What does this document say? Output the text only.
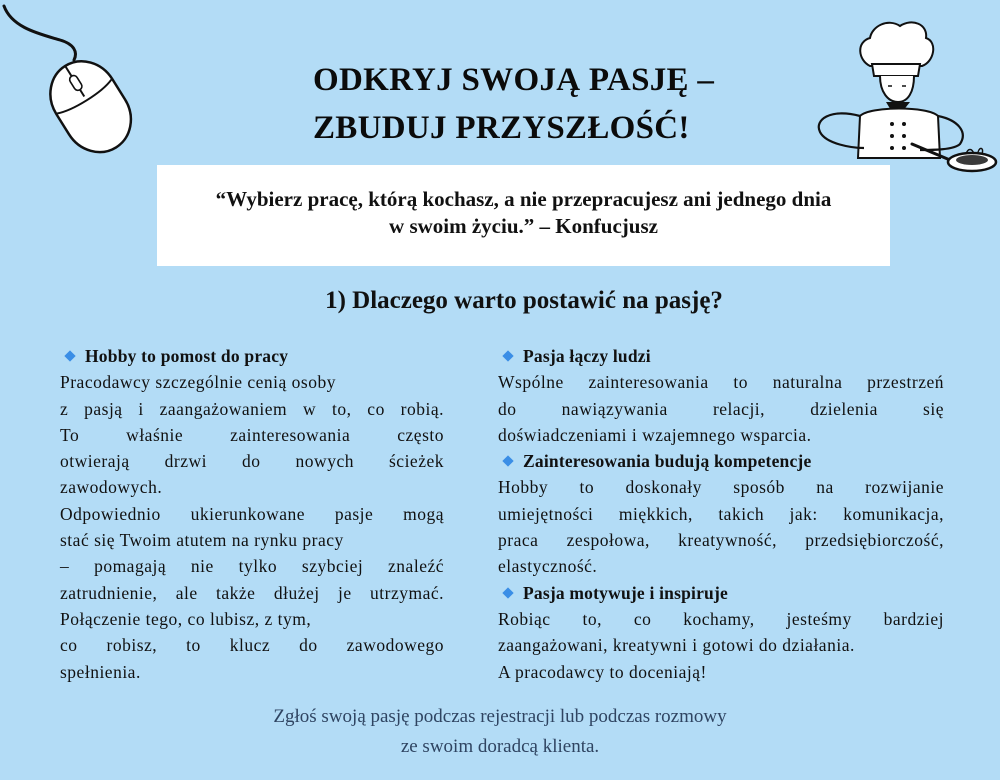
ODKRYJ SWOJĄ PASJĘ –
ZBUDUJ PRZYSZŁOŚĆ!
“Wybierz pracę, którą kochasz, a nie przepracujesz ani jednego dnia
w swoim życiu.” – Konfucjusz
1) Dlaczego warto postawić na pasję?
Hobby to pomost do pracy
Pracodawcy szczególnie cenią osoby
z pasją i zaangażowaniem w to, co robią.
To właśnie zainteresowania często
otwierają drzwi do nowych ścieżek
zawodowych.
Odpowiednio ukierunkowane pasje mogą
stać się Twoim atutem na rynku pracy
– pomagają nie tylko szybciej znaleźć
zatrudnienie, ale także dłużej je utrzymać.
Połączenie tego, co lubisz, z tym,
co robisz, to klucz do zawodowego
spełnienia.
Pasja łączy ludzi
Wspólne zainteresowania to naturalna przestrzeń
do nawiązywania relacji, dzielenia się
doświadczeniami i wzajemnego wsparcia.
Zainteresowania budują kompetencje
Hobby to doskonały sposób na rozwijanie
umiejętności miękkich, takich jak: komunikacja,
praca zespołowa, kreatywność, przedsiębiorczość,
elastyczność.
Pasja motywuje i inspiruje
Robiąc to, co kochamy, jesteśmy bardziej
zaangażowani, kreatywni i gotowi do działania.
A pracodawcy to doceniają!
Zgłoś swoją pasję podczas rejestracji lub podczas rozmowy
ze swoim doradcą klienta.
